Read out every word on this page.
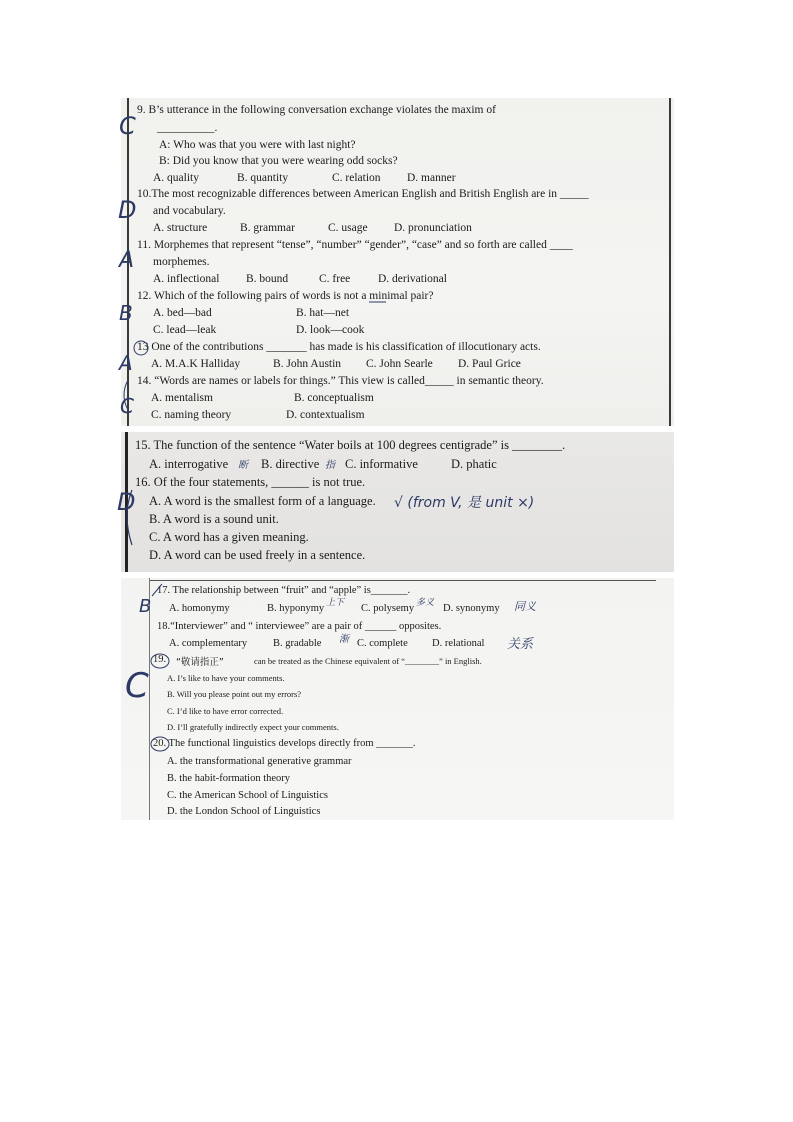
9. B’s utterance in the following conversation exchange violates the maxim of
__________.
A: Who was that you were with last night?
B: Did you know that you were wearing odd socks?
A. quality	B. quantity	C. relation D. manner
10.The most recognizable differences between American English and British English are in _____
and vocabulary.
A. structure	B. grammar	C. usage D. pronunciation
11. Morphemes that represent “tense”, “number” “gender”, “case” and so forth are called ____
morphemes.
A. inflectional B. bound	C. free D. derivational
12. Which of the following pairs of words is not a minimal pair?
A. bed—bad	B. hat—net
C. lead—leak	D. look—cook
13 One of the contributions _______ has made is his classification of illocutionary acts.
A. M.A.K Halliday	B. John Austin C. John Searle D. Paul Grice
14. “Words are names or labels for things.” This view is called_____ in semantic theory.
A. mentalism	B. conceptualism
C. naming theory	D. contextualism
C
D
A
B
A
C
15. The function of the sentence “Water boils at 100 degrees centigrade” is ________.
A. interrogative	B. directive C. informative	D. phatic
16. Of the four statements, ______ is not true.
A. A word is the smallest form of a language.
B. A word is a sound unit.
C. A word has a given meaning.
D. A word can be used freely in a sentence.
√ (from V, 是 unit ×)
D
断	指
17. The relationship between “fruit” and “apple” is_______.
A. homonymy	B. hyponymy	C. polysemy	D. synonymy
18.“Interviewer” and “ interviewee” are a pair of ______ opposites.
A. complementary B. gradable	C. complete D. relational
19. “敬请指正”	can be treated as the Chinese equivalent of “________” in English.
A. I’s like to have your comments.
B. Will you please point out my errors?
C. I’d like to have error corrected.
D. I’ll gratefully indirectly expect your comments.
20. The functional linguistics develops directly from _______.
A. the transformational generative grammar
B. the habit-formation theory
C. the American School of Linguistics
D. the London School of Linguistics
B
C
上下	多义	同义
渐	关系
